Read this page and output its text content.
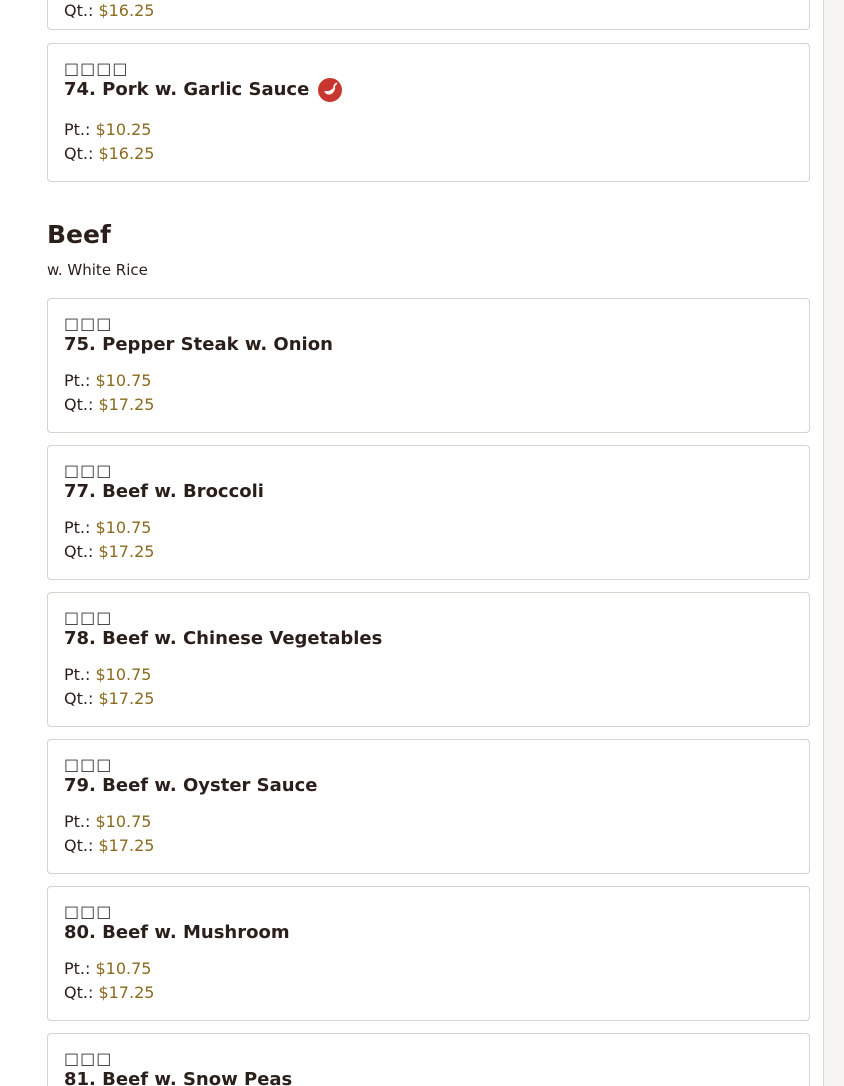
Qt.: $16.25
□□□□
74. Pork w. Garlic Sauce
Pt.: $10.25
Qt.: $16.25
Beef
w. White Rice
□□□
75. Pepper Steak w. Onion
Pt.: $10.75
Qt.: $17.25
□□□
77. Beef w. Broccoli
Pt.: $10.75
Qt.: $17.25
□□□
78. Beef w. Chinese Vegetables
Pt.: $10.75
Qt.: $17.25
□□□
79. Beef w. Oyster Sauce
Pt.: $10.75
Qt.: $17.25
□□□
80. Beef w. Mushroom
Pt.: $10.75
Qt.: $17.25
□□□
81. Beef w. Snow Peas
